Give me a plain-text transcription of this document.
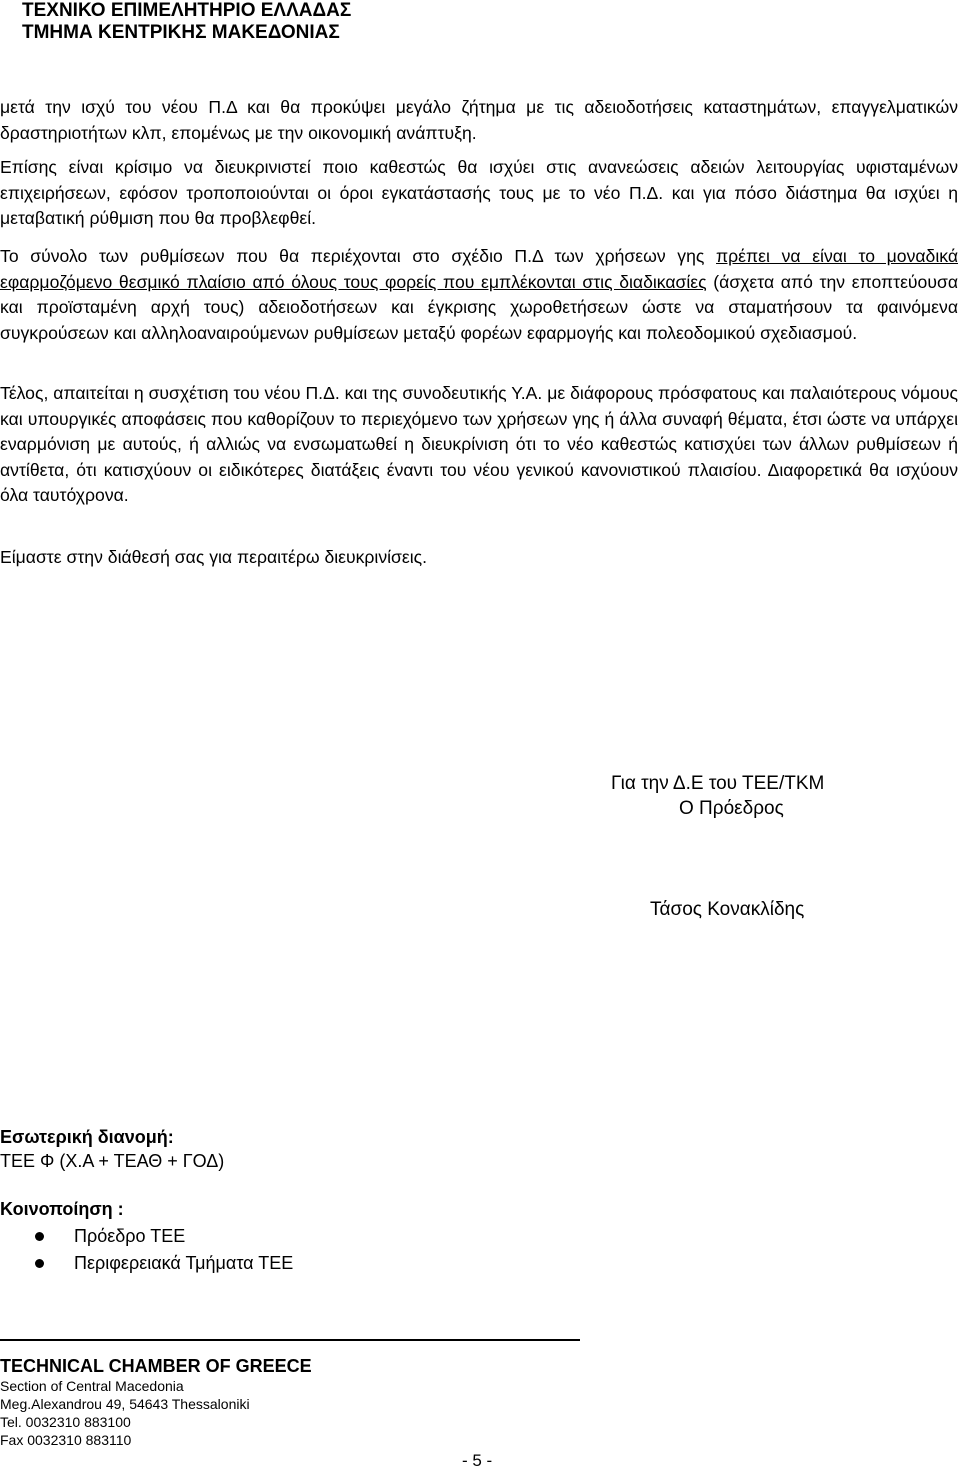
ΤΕΧΝΙΚΟ ΕΠΙΜΕΛΗΤΗΡΙΟ ΕΛΛΑΔΑΣ
ΤΜΗΜΑ ΚΕΝΤΡΙΚΗΣ ΜΑΚΕΔΟΝΙΑΣ
μετά την ισχύ του νέου Π.Δ και θα προκύψει μεγάλο ζήτημα με τις αδειοδοτήσεις καταστημάτων, επαγγελματικών δραστηριοτήτων κλπ, επομένως με την οικονομική ανάπτυξη.
Επίσης είναι κρίσιμο να διευκρινιστεί ποιο καθεστώς θα ισχύει στις ανανεώσεις αδειών λειτουργίας υφισταμένων επιχειρήσεων, εφόσον τροποποιούνται οι όροι εγκατάστασής τους με το νέο Π.Δ. και για πόσο διάστημα θα ισχύει η μεταβατική ρύθμιση που θα προβλεφθεί.
Το σύνολο των ρυθμίσεων που θα περιέχονται στο σχέδιο Π.Δ των χρήσεων γης πρέπει να είναι το μοναδικά εφαρμοζόμενο θεσμικό πλαίσιο από όλους τους φορείς που εμπλέκονται στις διαδικασίες (άσχετα από την εποπτεύουσα και προϊσταμένη αρχή τους) αδειοδοτήσεων και έγκρισης χωροθετήσεων ώστε να σταματήσουν τα φαινόμενα συγκρούσεων και αλληλοαναιρούμενων ρυθμίσεων μεταξύ φορέων εφαρμογής και πολεοδομικού σχεδιασμού.
Τέλος, απαιτείται η συσχέτιση του νέου Π.Δ. και της συνοδευτικής Υ.Α. με διάφορους πρόσφατους και παλαιότερους νόμους και υπουργικές αποφάσεις που καθορίζουν το περιεχόμενο των χρήσεων γης ή άλλα συναφή θέματα, έτσι ώστε να υπάρχει εναρμόνιση με αυτούς, ή αλλιώς να ενσωματωθεί η διευκρίνιση ότι το νέο καθεστώς κατισχύει των άλλων ρυθμίσεων ή αντίθετα, ότι κατισχύουν οι ειδικότερες διατάξεις έναντι του νέου γενικού κανονιστικού πλαισίου. Διαφορετικά θα ισχύουν όλα ταυτόχρονα.
Είμαστε στην διάθεσή σας για περαιτέρω διευκρινίσεις.
Για την Δ.Ε του ΤΕΕ/ΤΚΜ
Ο Πρόεδρος
Τάσος Κονακλίδης
Εσωτερική διανομή:
ΤΕΕ Φ (Χ.Α + ΤΕΑΘ + ΓΟΔ)
Κοινοποίηση :
Πρόεδρο ΤΕΕ
Περιφερειακά Τμήματα ΤΕΕ
TECHNICAL CHAMBER OF GREECE
Section of Central Macedonia
Meg.Alexandrou 49, 54643 Thessaloniki
Tel. 0032310 883100
Fax 0032310 883110
- 5 -
